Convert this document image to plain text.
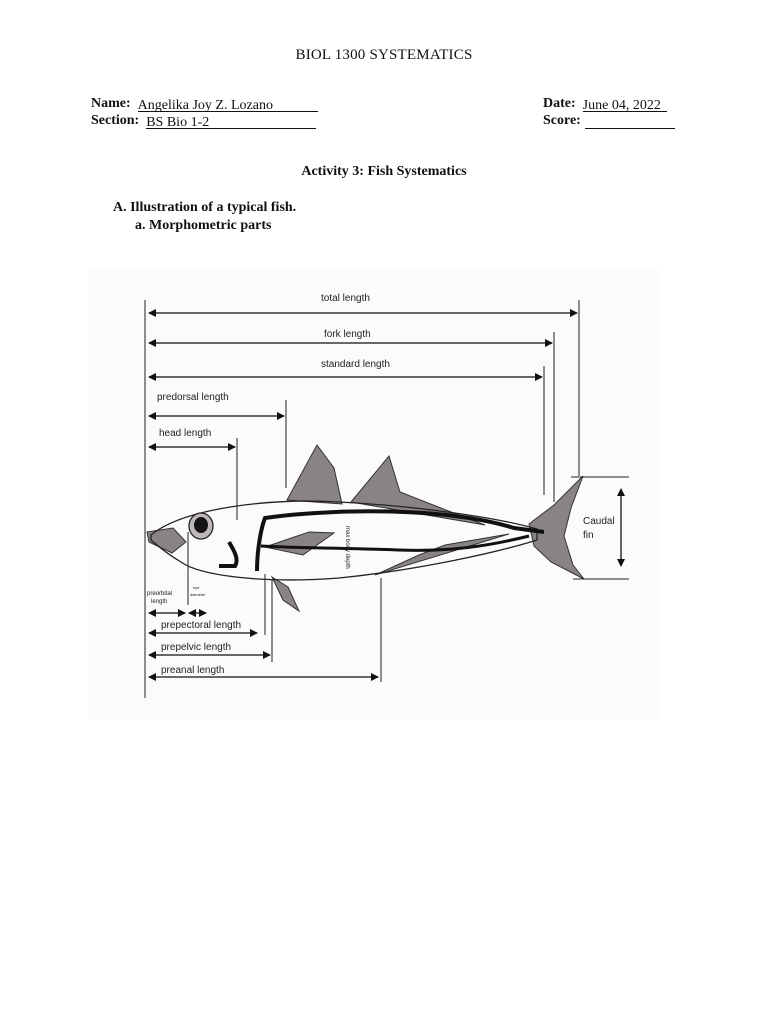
BIOL 1300 SYSTEMATICS
Name: Angelika Joy Z. Lozano
Section: BS Bio 1-2
Date: June 04, 2022
Score:
Activity 3: Fish Systematics
A. Illustration of a typical fish.
a. Morphometric parts
total length
fork length
standard length
predorsal length
head length
Caudal
fin
max body depth
preorbital
length
eye
diameter
prepectoral length
prepelvic length
preanal length
